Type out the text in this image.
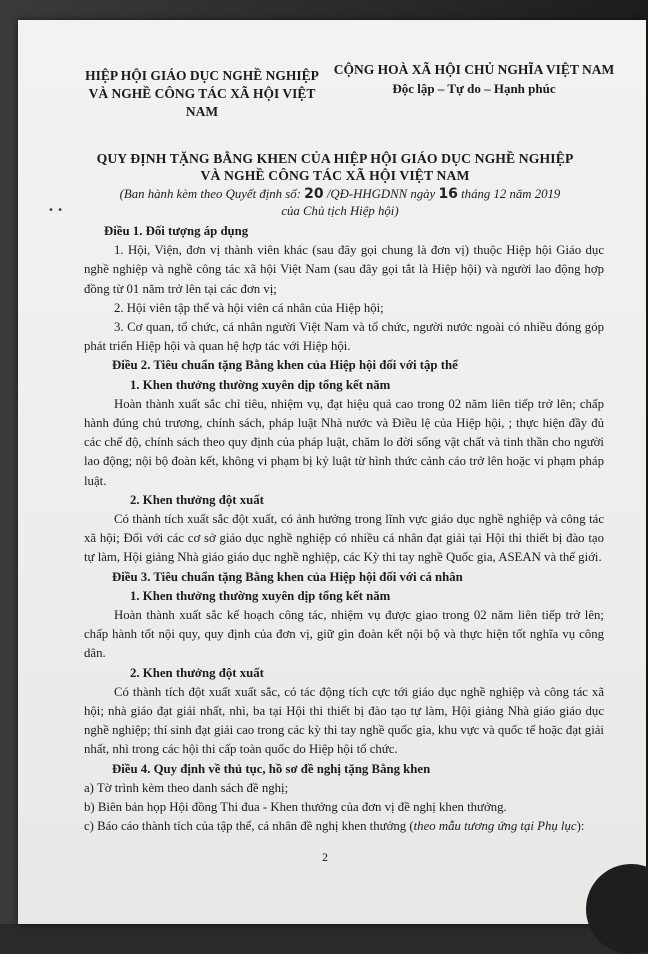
HIỆP HỘI GIÁO DỤC NGHỀ NGHIỆP
VÀ NGHỀ CÔNG TÁC XÃ HỘI VIỆT NAM
CỘNG HOÀ XÃ HỘI CHỦ NGHĨA VIỆT NAM
Độc lập – Tự do – Hạnh phúc
QUY ĐỊNH TẶNG BẰNG KHEN CỦA HIỆP HỘI GIÁO DỤC NGHỀ NGHIỆP
VÀ NGHỀ CÔNG TÁC XÃ HỘI VIỆT NAM
• •
(Ban hành kèm theo Quyết định số: 20 /QĐ-HHGDNN ngày 16 tháng 12 năm 2019
của Chủ tịch Hiệp hội)

Điều 1. Đối tượng áp dụng

1. Hội, Viện, đơn vị thành viên khác (sau đây gọi chung là đơn vị) thuộc Hiệp hội Giáo dục nghề nghiệp và nghề công tác xã hội Việt Nam (sau đây gọi tắt là Hiệp hội) và người lao động hợp đồng từ 01 năm trở lên tại các đơn vị;

2. Hội viên tập thể và hội viên cá nhân của Hiệp hội;

3. Cơ quan, tổ chức, cá nhân người Việt Nam và tổ chức, người nước ngoài có nhiều đóng góp phát triển Hiệp hội và quan hệ hợp tác với Hiệp hội.

Điều 2. Tiêu chuẩn tặng Bằng khen của Hiệp hội đối với tập thể

1. Khen thưởng thường xuyên dịp tổng kết năm

Hoàn thành xuất sắc chỉ tiêu, nhiệm vụ, đạt hiệu quả cao trong 02 năm liên tiếp trở lên; chấp hành đúng chủ trương, chính sách, pháp luật Nhà nước và Điều lệ của Hiệp hội, ; thực hiện đầy đủ các chế độ, chính sách theo quy định của pháp luật, chăm lo đời sống vật chất và tinh thần cho người lao động; nội bộ đoàn kết, không vi phạm bị kỷ luật từ hình thức cảnh cáo trở lên hoặc vi phạm pháp luật.

2. Khen thưởng đột xuất

Có thành tích xuất sắc đột xuất, có ảnh hưởng trong lĩnh vực giáo dục nghề nghiệp và công tác xã hội; Đối với các cơ sở giáo dục nghề nghiệp có nhiều cá nhân đạt giải tại Hội thi thiết bị đào tạo tự làm, Hội giảng Nhà giáo giáo dục nghề nghiệp, các Kỳ thi tay nghề Quốc gia, ASEAN và thế giới.

Điều 3. Tiêu chuẩn tặng Bằng khen của Hiệp hội đối với cá nhân

1. Khen thưởng thường xuyên dịp tổng kết năm

Hoàn thành xuất sắc kế hoạch công tác, nhiệm vụ được giao trong 02 năm liên tiếp trở lên; chấp hành tốt nội quy, quy định của đơn vị, giữ gìn đoàn kết nội bộ và thực hiện tốt nghĩa vụ công dân.

2. Khen thưởng đột xuất

Có thành tích đột xuất xuất sắc, có tác động tích cực tới giáo dục nghề nghiệp và công tác xã hội; nhà giáo đạt giải nhất, nhì, ba tại Hội thi thiết bị đào tạo tự làm, Hội giảng Nhà giáo giáo dục nghề nghiệp; thí sinh đạt giải cao trong các kỳ thi tay nghề quốc gia, khu vực và quốc tế hoặc đạt giải nhất, nhì trong các hội thi cấp toàn quốc do Hiệp hội tổ chức.

Điều 4. Quy định về thủ tục, hồ sơ đề nghị tặng Bằng khen

a) Tờ trình kèm theo danh sách đề nghị;

b) Biên bản họp Hội đồng Thi đua - Khen thưởng của đơn vị đề nghị khen thưởng.

c) Báo cáo thành tích của tập thể, cá nhân đề nghị khen thưởng (theo mẫu tương ứng tại Phụ lục):

2
